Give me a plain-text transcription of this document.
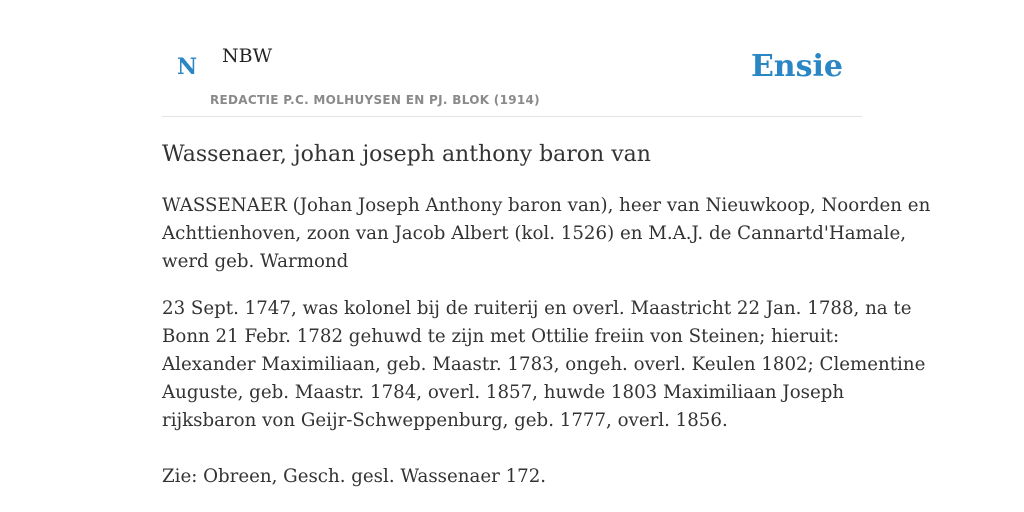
N NBW
REDACTIE P.C. MOLHUYSEN EN PJ. BLOK (1914)
Ensie
Wassenaer, johan joseph anthony baron van

WASSENAER (Johan Joseph Anthony baron van), heer van Nieuwkoop, Noorden en
Achttienhoven, zoon van Jacob Albert (kol. 1526) en M.A.J. de Cannartd'Hamale,
werd geb. Warmond

23 Sept. 1747, was kolonel bij de ruiterij en overl. Maastricht 22 Jan. 1788, na te
Bonn 21 Febr. 1782 gehuwd te zijn met Ottilie freiin von Steinen; hieruit:
Alexander Maximiliaan, geb. Maastr. 1783, ongeh. overl. Keulen 1802; Clementine
Auguste, geb. Maastr. 1784, overl. 1857, huwde 1803 Maximiliaan Joseph
rijksbaron von Geijr-Schweppenburg, geb. 1777, overl. 1856.

Zie: Obreen, Gesch. gesl. Wassenaer 172.
